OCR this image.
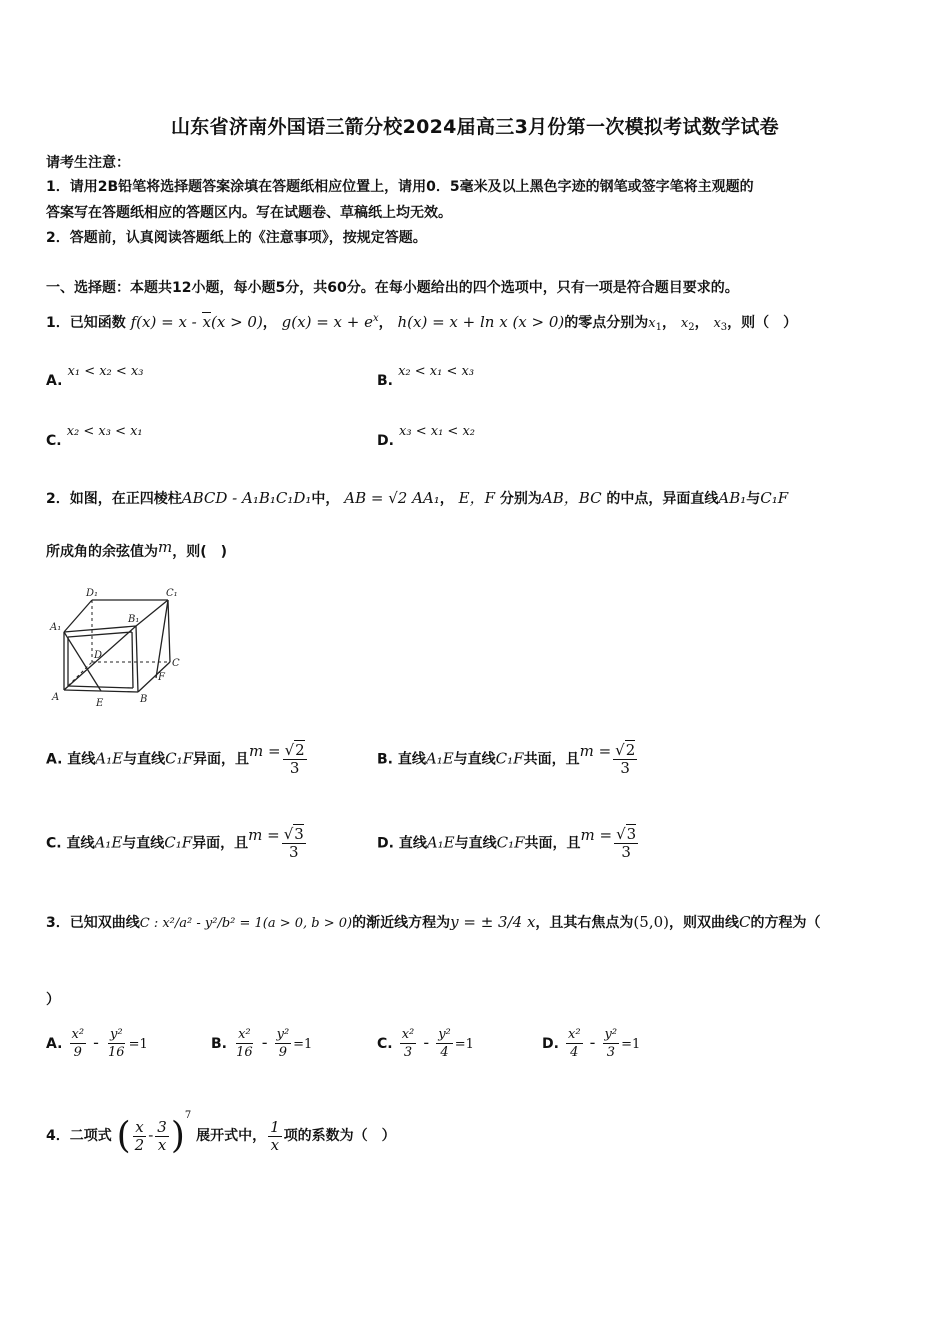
山东省济南外国语三箭分校2024届高三3月份第一次模拟考试数学试卷
请考生注意：
1．请用2B铅笔将选择题答案涂填在答题纸相应位置上，请用0．5毫米及以上黑色字迹的钢笔或签字笔将主观题的
答案写在答题纸相应的答题区内。写在试题卷、草稿纸上均无效。
2．答题前，认真阅读答题纸上的《注意事项》，按规定答题。
一、选择题：本题共12小题，每小题5分，共60分。在每小题给出的四个选项中，只有一项是符合题目要求的。
1．已知函数 f(x) = x - x(x > 0)， $g(x) = x + e^x$， h(x) = x + ln x (x > 0)的零点分别为$x_1$， $x_2$， $x_3$，则（　）
A. $^{x_1 < x_2 < x_3}$
B. $^{x_2 < x_1 < x_3}$
C. $^{x_2 < x_3 < x_1}$
D. $^{x_3 < x_1 < x_2}$
2．如图，在正四棱柱ABCD - A₁B₁C₁D₁中， AB = √2 AA₁， E，F 分别为AB，BC 的中点，异面直线AB₁与C₁F
所成角的余弦值为m，则(　)
D₁	C₁
A₁
B₁
D
C
F
A
E	B
A. 直线A₁E与直线C₁F异面，且$m = \frac{√2}{3}$	B. 直线A₁E与直线C₁F共面，且$m = \frac{√2}{3}$
C. 直线A₁E与直线C₁F异面，且$m = \frac{√3}{3}$	D. 直线A₁E与直线C₁F共面，且$m = \frac{√3}{3}$
3．已知双曲线C : x²/a² - y²/b² = 1(a > 0, b > 0)的渐近线方程为y = ± 3/4 x，且其右焦点为(5,0)，则双曲线C的方程为（
）
A. $\frac{\text{x²}}{9} - \frac{\text{y²}}{16} =1$	B. $\frac{\text{x²}}{16} - \frac{\text{y²}}{9} =1$	C. $\frac{\text{x²}}{3} - \frac{\text{y²}}{4} =1$	D. $\frac{\text{x²}}{4} - \frac{\text{y²}}{3} =1$
4．二项式 ( $\frac{x}{2} - \frac{3}{x} )^7$ 展开式中， $\frac{1}{x}$ 项的系数为（　）
